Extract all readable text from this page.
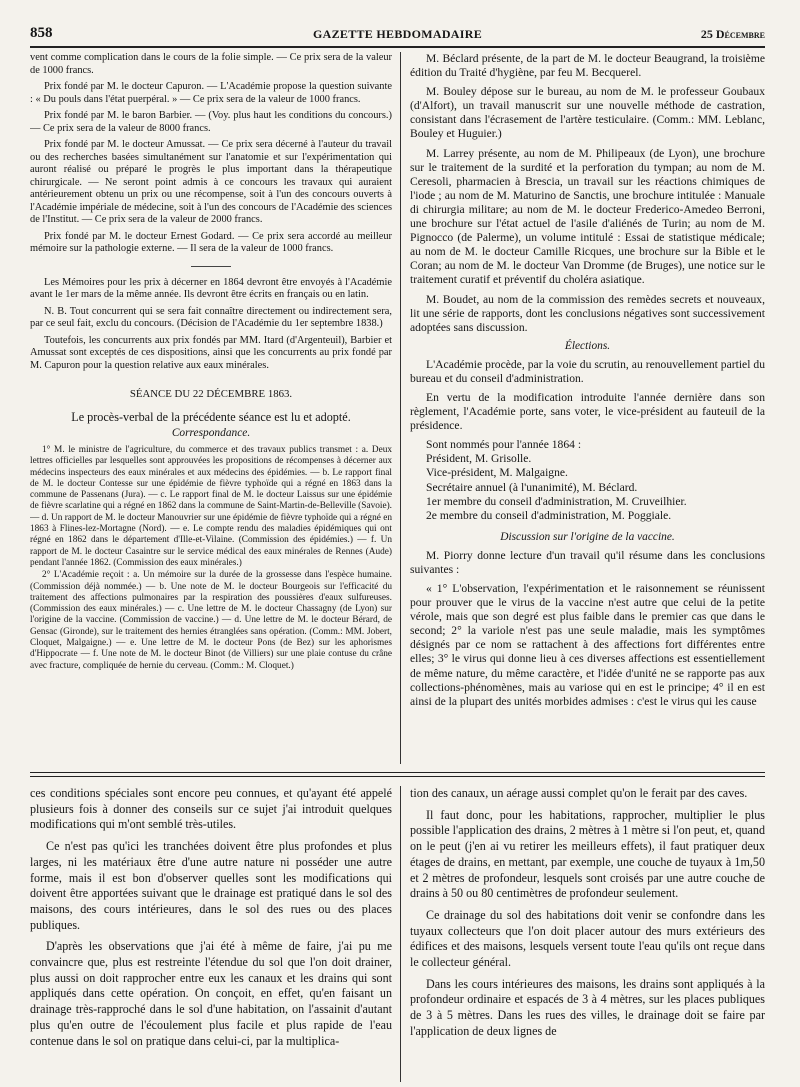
858	GAZETTE HEBDOMADAIRE	25 Décembre

vent comme complication dans le cours de la folie simple. — Ce prix sera de la valeur de 1000 francs.

Prix fondé par M. le docteur Capuron. — L'Académie propose la question suivante : « Du pouls dans l'état puerpéral. » — Ce prix sera de la valeur de 1000 francs.

Prix fondé par M. le baron Barbier. — (Voy. plus haut les conditions du concours.) — Ce prix sera de la valeur de 8000 francs.

Prix fondé par M. le docteur Amussat. — Ce prix sera décerné à l'auteur du travail ou des recherches basées simultanément sur l'anatomie et sur l'expérimentation qui auront réalisé ou préparé le progrès le plus important dans la thérapeutique chirurgicale. — Ne seront point admis à ce concours les travaux qui auraient antérieurement obtenu un prix ou une récompense, soit à l'un des concours ouverts à l'Académie impériale de médecine, soit à l'un des concours de l'Académie des sciences de l'Institut. — Ce prix sera de la valeur de 2000 francs.

Prix fondé par M. le docteur Ernest Godard. — Ce prix sera accordé au meilleur mémoire sur la pathologie externe. — Il sera de la valeur de 1000 francs.

Les Mémoires pour les prix à décerner en 1864 devront être envoyés à l'Académie avant le 1er mars de la même année. Ils devront être écrits en français ou en latin.

N. B. Tout concurrent qui se sera fait connaître directement ou indirectement sera, par ce seul fait, exclu du concours. (Décision de l'Académie du 1er septembre 1838.)

Toutefois, les concurrents aux prix fondés par MM. Itard (d'Argenteuil), Barbier et Amussat sont exceptés de ces dispositions, ainsi que les concurrents au prix fondé par M. Capuron pour la question relative aux eaux minérales.

SÉANCE DU 22 DÉCEMBRE 1863.

Le procès-verbal de la précédente séance est lu et adopté.

Correspondance.

1° M. le ministre de l'agriculture, du commerce et des travaux publics transmet : a. Deux lettres officielles par lesquelles sont approuvées les propositions de récompenses à décerner aux médecins inspecteurs des eaux minérales et aux médecins des épidémies. — b. Le rapport final de M. le docteur Contesse sur une épidémie de fièvre typhoïde qui a régné en 1863 dans la commune de Passenans (Jura). — c. Le rapport final de M. le docteur Laissus sur une épidémie de fièvre scarlatine qui a régné en 1862 dans la commune de Saint-Martin-de-Belleville (Savoie). — d. Un rapport de M. le docteur Manouvrier sur une épidémie de fièvre typhoïde qui a régné en 1863 à Flines-lez-Mortagne (Nord). — e. Le compte rendu des maladies épidémiques qui ont régné en 1862 dans le département d'Ille-et-Vilaine. (Commission des épidémies.) — f. Un rapport de M. le docteur Casaintre sur le service médical des eaux minérales de Rennes (Aude) pendant l'année 1862. (Commission des eaux minérales.)

2° L'Académie reçoit : a. Un mémoire sur la durée de la grossesse dans l'espèce humaine. (Commission déjà nommée.) — b. Une note de M. le docteur Bourgeois sur l'efficacité du traitement des affections pulmonaires par la respiration des poussières d'eaux sulfureuses. (Commission des eaux minérales.) — c. Une lettre de M. le docteur Chassagny (de Lyon) sur l'origine de la vaccine. (Commission de vaccine.) — d. Une lettre de M. le docteur Bérard, de Gensac (Gironde), sur le traitement des hernies étranglées sans opération. (Comm.: MM. Jobert, Cloquet, Malgaigne.) — e. Une lettre de M. le docteur Pons (de Bez) sur les aphorismes d'Hippocrate — f. Une note de M. le docteur Binot (de Villiers) sur une plaie contuse du crâne avec fracture, compliquée de hernie du cerveau. (Comm.: M. Cloquet.)

M. Béclard présente, de la part de M. le docteur Beaugrand, la troisième édition du Traité d'hygiène, par feu M. Becquerel.

M. Bouley dépose sur le bureau, au nom de M. le professeur Goubaux (d'Alfort), un travail manuscrit sur une nouvelle méthode de castration, consistant dans l'écrasement de l'artère testiculaire. (Comm.: MM. Leblanc, Bouley et Huguier.)

M. Larrey présente, au nom de M. Philipeaux (de Lyon), une brochure sur le traitement de la surdité et la perforation du tympan; au nom de M. Ceresoli, pharmacien à Brescia, un travail sur les réactions chimiques de l'iode ; au nom de M. Maturino de Sanctis, une brochure intitulée : Manuale di chirurgia militare; au nom de M. le docteur Frederico-Amedeo Berroni, une brochure sur l'état actuel de l'asile d'aliénés de Turin; au nom de M. Pignocco (de Palerme), un volume intitulé : Essai de statistique médicale; au nom de M. le docteur Camille Ricques, une brochure sur la Bible et le Coran; au nom de M. le docteur Van Dromme (de Bruges), une notice sur le traitement curatif et préventif du choléra asiatique.

M. Boudet, au nom de la commission des remèdes secrets et nouveaux, lit une série de rapports, dont les conclusions négatives sont successivement adoptées sans discussion.

Élections.

L'Académie procède, par la voie du scrutin, au renouvellement partiel du bureau et du conseil d'administration.

En vertu de la modification introduite l'année dernière dans son règlement, l'Académie porte, sans voter, le vice-président au fauteuil de la présidence.

Sont nommés pour l'année 1864 :
Président, M. Grisolle.
Vice-président, M. Malgaigne.
Secrétaire annuel (à l'unanimité), M. Béclard.
1er membre du conseil d'administration, M. Cruveilhier.
2e membre du conseil d'administration, M. Poggiale.

Discussion sur l'origine de la vaccine.

M. Piorry donne lecture d'un travail qu'il résume dans les conclusions suivantes :

« 1° L'observation, l'expérimentation et le raisonnement se réunissent pour prouver que le virus de la vaccine n'est autre que celui de la petite vérole, mais que son degré est plus faible dans le premier cas que dans le second; 2° la variole n'est pas une seule maladie, mais les symptômes désignés par ce nom se rattachent à des affections fort différentes entre elles; 3° le virus qui donne lieu à ces diverses affections est essentiellement de même nature, du même caractère, et l'idée d'unité ne se rapporte pas aux collections-phénomènes, mais au variose qui en est le principe; 4° il en est ainsi de la plupart des unités morbides admises : c'est le virus qui les cause

ces conditions spéciales sont encore peu connues, et qu'ayant été appelé plusieurs fois à donner des conseils sur ce sujet j'ai introduit quelques modifications qui m'ont semblé très-utiles.

Ce n'est pas qu'ici les tranchées doivent être plus profondes et plus larges, ni les matériaux être d'une autre nature ni posséder une autre forme, mais il est bon d'observer quelles sont les modifications qui doivent être apportées suivant que le drainage est pratiqué dans le sol des maisons, des cours intérieures, dans le sol des rues ou des places publiques.

D'après les observations que j'ai été à même de faire, j'ai pu me convaincre que, plus est restreinte l'étendue du sol que l'on doit drainer, plus aussi on doit rapprocher entre eux les canaux et les drains qui sont appliqués dans cette opération. On conçoit, en effet, qu'en faisant un drainage très-rapproché dans le sol d'une habitation, on l'assainit d'autant plus qu'en outre de l'écoulement plus facile et plus rapide de l'eau contenue dans le sol on pratique dans celui-ci, par la multiplica-

tion des canaux, un aérage aussi complet qu'on le ferait par des caves.

Il faut donc, pour les habitations, rapprocher, multiplier le plus possible l'application des drains, 2 mètres à 1 mètre si l'on peut, et, quand on le peut (j'en ai vu retirer les meilleurs effets), il faut pratiquer deux étages de drains, en mettant, par exemple, une couche de tuyaux à 1m,50 et 2 mètres de profondeur, lesquels sont croisés par une autre couche de drains à 50 ou 80 centimètres de profondeur seulement.

Ce drainage du sol des habitations doit venir se confondre dans les tuyaux collecteurs que l'on doit placer autour des murs extérieurs des édifices et des maisons, lesquels versent toute l'eau qu'ils ont reçue dans le collecteur général.

Dans les cours intérieures des maisons, les drains sont appliqués à la profondeur ordinaire et espacés de 3 à 4 mètres, sur les places publiques de 3 à 5 mètres. Dans les rues des villes, le drainage doit se faire par l'application de deux lignes de
